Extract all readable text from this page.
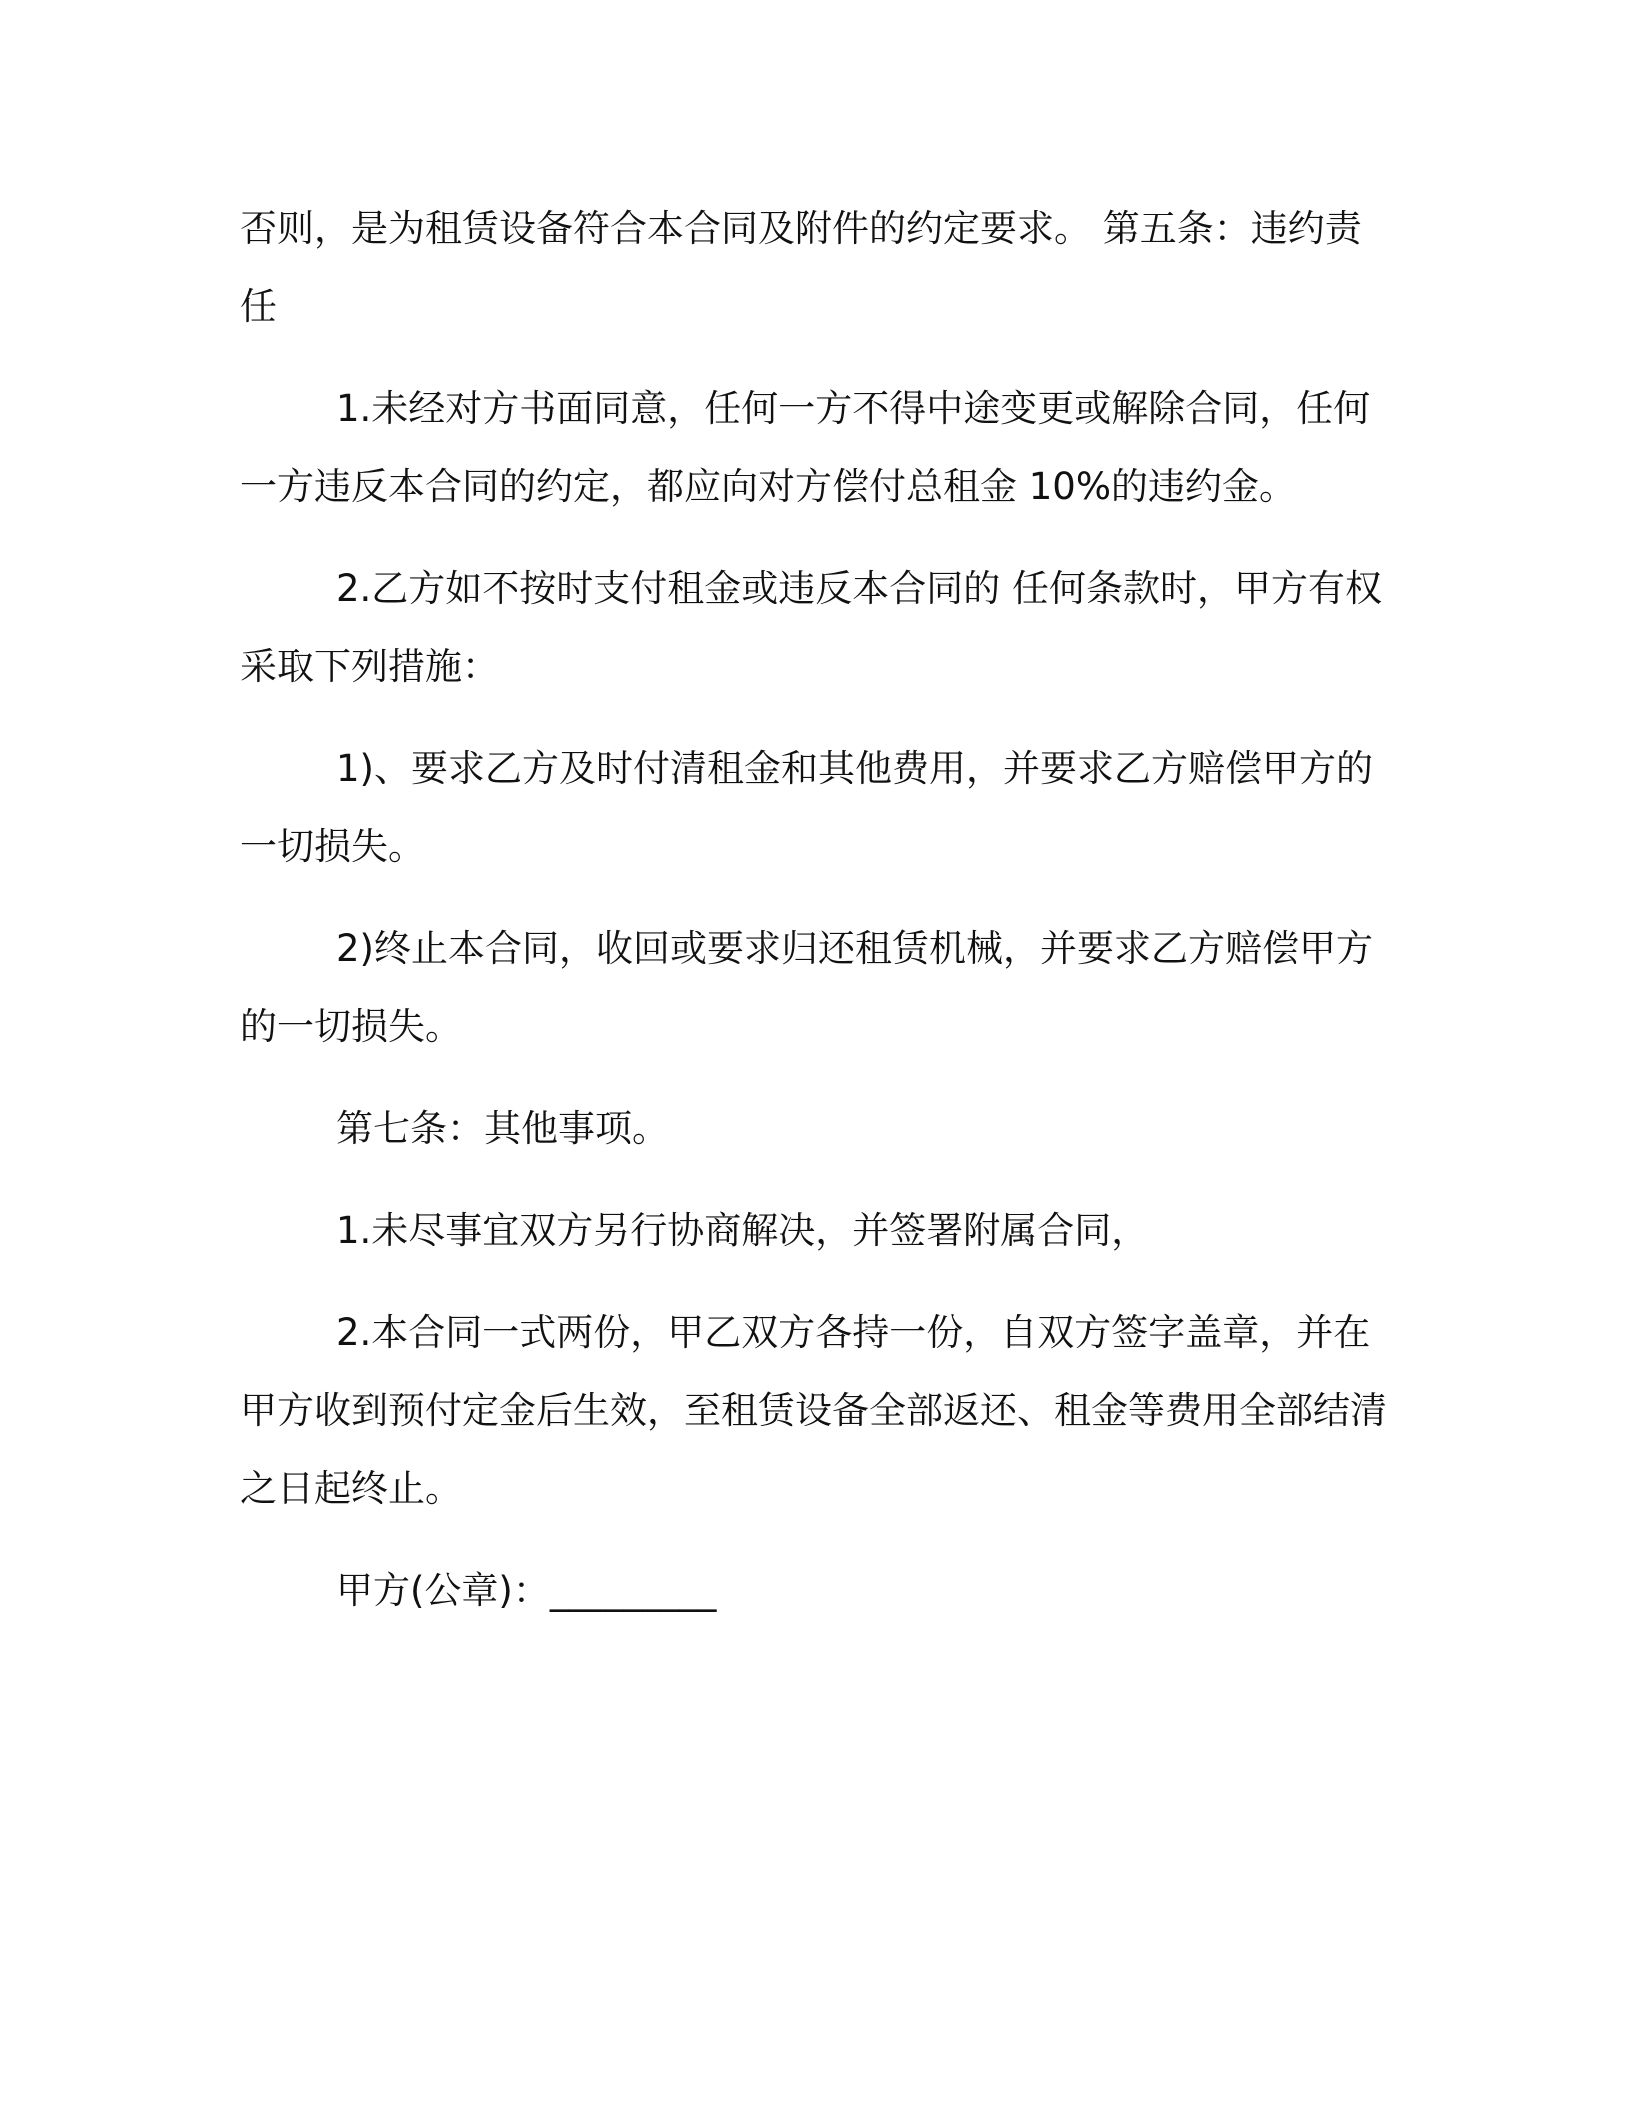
否则，是为租赁设备符合本合同及附件的约定要求。 第五条：违约责任

1.未经对方书面同意，任何一方不得中途变更或解除合同，任何一方违反本合同的约定，都应向对方偿付总租金 10%的违约金。

2.乙方如不按时支付租金或违反本合同的 任何条款时，甲方有权采取下列措施：

1)、要求乙方及时付清租金和其他费用，并要求乙方赔偿甲方的一切损失。

2)终止本合同，收回或要求归还租赁机械，并要求乙方赔偿甲方的一切损失。

第七条：其他事项。

1.未尽事宜双方另行协商解决，并签署附属合同，

2.本合同一式两份，甲乙双方各持一份，自双方签字盖章，并在甲方收到预付定金后生效，至租赁设备全部返还、租金等费用全部结清之日起终止。

甲方(公章)：_________
